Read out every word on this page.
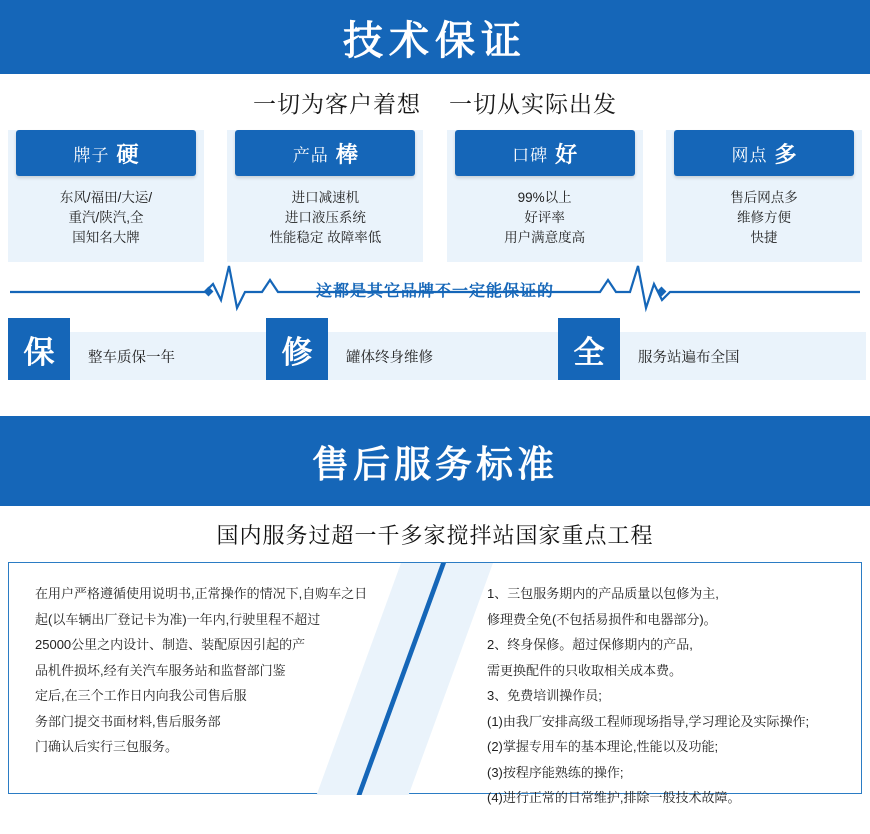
技术保证
一切为客户着想 一切从实际出发
牌子 硬
东风/福田/大运/
重汽/陕汽,全
国知名大牌
产品 棒
进口减速机
进口液压系统
性能稳定 故障率低
口碑 好
99%以上
好评率
用户满意度高
网点 多
售后网点多
维修方便
快捷
这都是其它品牌不一定能保证的
保	整车质保一年	修	罐体终身维修	全	服务站遍布全国
售后服务标准
国内服务过超一千多家搅拌站国家重点工程

在用户严格遵循使用说明书,正常操作的情况下,自购车之日

起(以车辆出厂登记卡为准)一年内,行驶里程不超过

25000公里之内设计、制造、装配原因引起的产

品机件损坏,经有关汽车服务站和监督部门鉴

定后,在三个工作日内向我公司售后服

务部门提交书面材料,售后服务部

门确认后实行三包服务。

1、三包服务期内的产品质量以包修为主,

修理费全免(不包括易损件和电器部分)。

2、终身保修。超过保修期内的产品,

需更换配件的只收取相关成本费。

3、免费培训操作员;

(1)由我厂安排高级工程师现场指导,学习理论及实际操作;

(2)掌握专用车的基本理论,性能以及功能;

(3)按程序能熟练的操作;

(4)进行正常的日常维护,排除一般技术故障。
